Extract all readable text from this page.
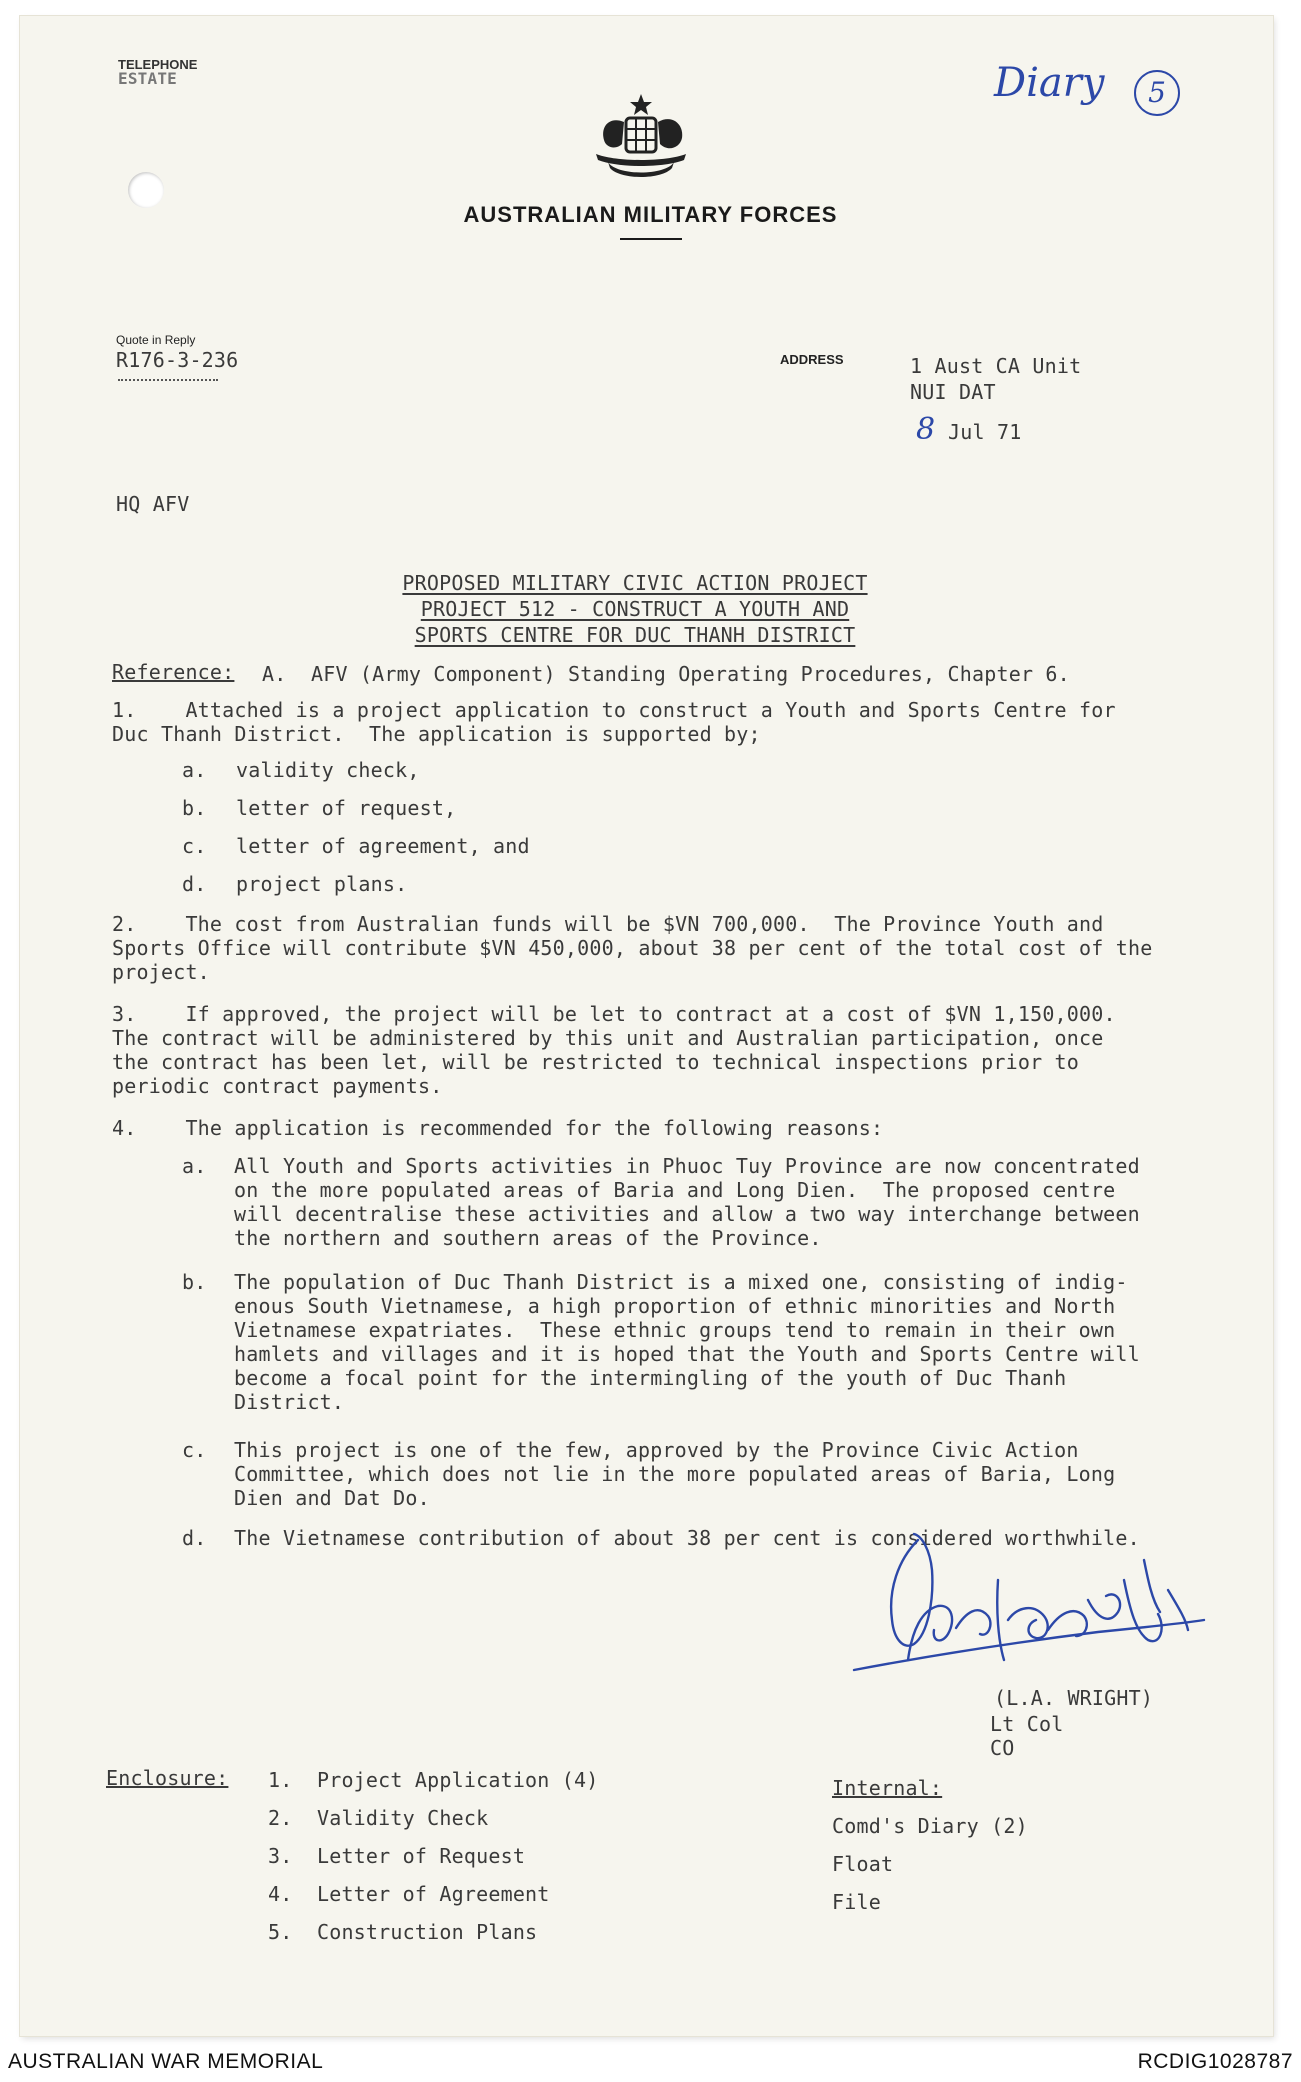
TELEPHONE
ESTATE
AUSTRALIAN MILITARY FORCES
Quote in Reply
R176-3-236	ADDRESS	1 Aust CA Unit
NUI DAT
8 Jul 71
Diary	5
HQ AFV
PROPOSED MILITARY CIVIC ACTION PROJECT
PROJECT 512 - CONSTRUCT A YOUTH AND
SPORTS CENTRE FOR DUC THANH DISTRICT
Reference: A.  AFV (Army Component) Standing Operating Procedures, Chapter 6.
1.    Attached is a project application to construct a Youth and Sports Centre for
Duc Thanh District.  The application is supported by;
a. validity check,
b. letter of request,
c. letter of agreement, and
d. project plans.
2.    The cost from Australian funds will be $VN 700,000.  The Province Youth and
Sports Office will contribute $VN 450,000, about 38 per cent of the total cost of the
project.
3.    If approved, the project will be let to contract at a cost of $VN 1,150,000.
The contract will be administered by this unit and Australian participation, once
the contract has been let, will be restricted to technical inspections prior to
periodic contract payments.
4.    The application is recommended for the following reasons:
a. All Youth and Sports activities in Phuoc Tuy Province are now concentrated
on the more populated areas of Baria and Long Dien.  The proposed centre
will decentralise these activities and allow a two way interchange between
the northern and southern areas of the Province.
b. The population of Duc Thanh District is a mixed one, consisting of indig-
enous South Vietnamese, a high proportion of ethnic minorities and North
Vietnamese expatriates.  These ethnic groups tend to remain in their own
hamlets and villages and it is hoped that the Youth and Sports Centre will
become a focal point for the intermingling of the youth of Duc Thanh
District.
c. This project is one of the few, approved by the Province Civic Action
Committee, which does not lie in the more populated areas of Baria, Long
Dien and Dat Do.
d. The Vietnamese contribution of about 38 per cent is considered worthwhile.
(L.A. WRIGHT)
Lt Col
CO
Enclosure: 1.  Project Application (4)
2.  Validity Check
3.  Letter of Request
4.  Letter of Agreement
5.  Construction Plans
Internal:
Comd's Diary (2)
Float
File
AUSTRALIAN WAR MEMORIAL	RCDIG1028787
